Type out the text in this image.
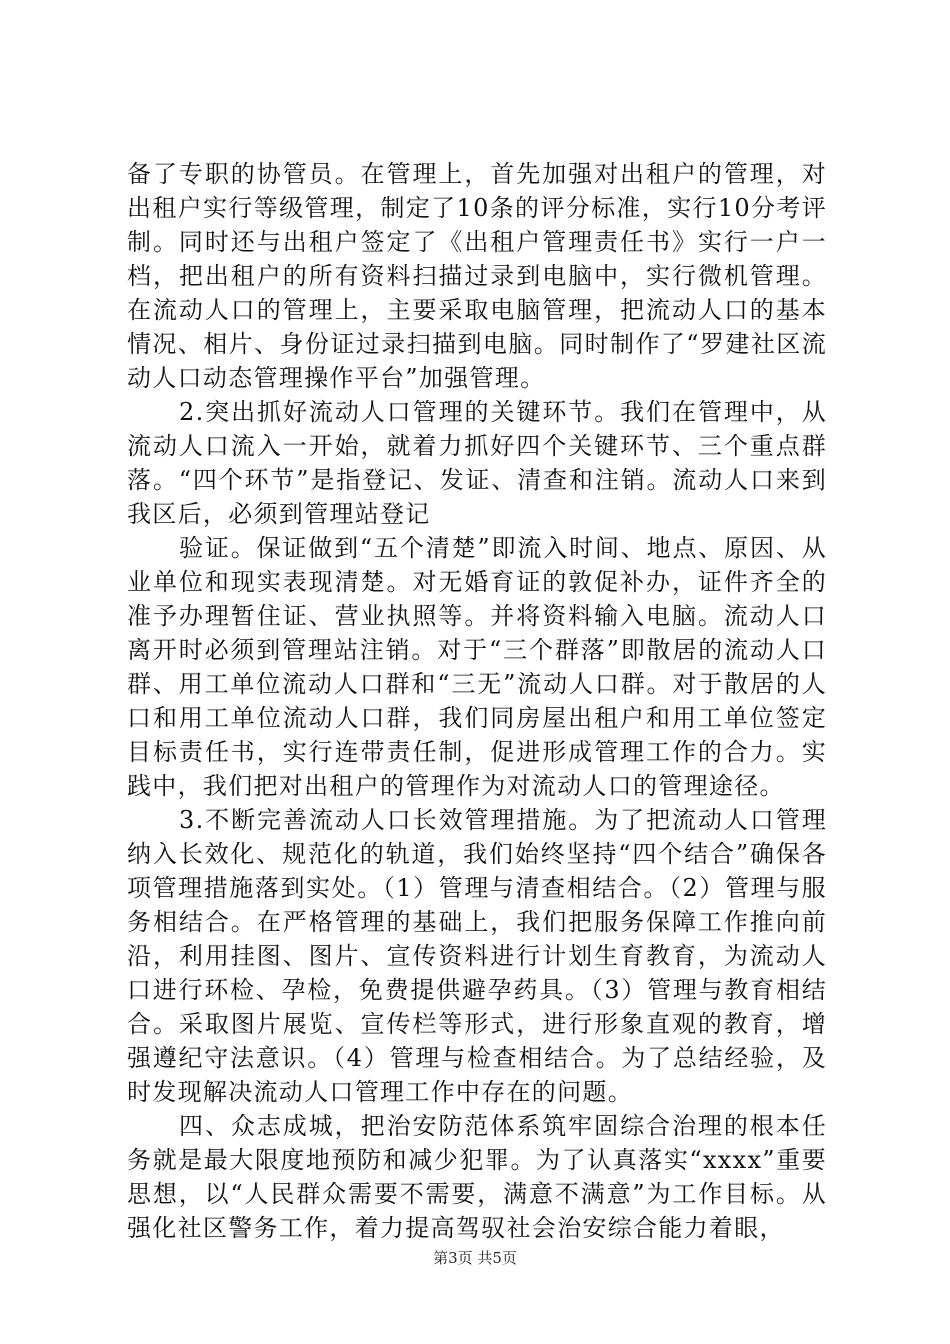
备了专职的协管员。在管理上，首先加强对出租户的管理，对出租户实行等级管理，制定了10条的评分标准，实行10分考评制。同时还与出租户签定了《出租户管理责任书》实行一户一档，把出租户的所有资料扫描过录到电脑中，实行微机管理。在流动人口的管理上，主要采取电脑管理，把流动人口的基本情况、相片、身份证过录扫描到电脑。同时制作了“罗建社区流动人口动态管理操作平台”加强管理。

2.突出抓好流动人口管理的关键环节。我们在管理中，从流动人口流入一开始，就着力抓好四个关键环节、三个重点群落。“四个环节”是指登记、发证、清查和注销。流动人口来到我区后，必须到管理站登记

验证。保证做到“五个清楚”即流入时间、地点、原因、从业单位和现实表现清楚。对无婚育证的敦促补办，证件齐全的准予办理暂住证、营业执照等。并将资料输入电脑。流动人口离开时必须到管理站注销。对于“三个群落”即散居的流动人口群、用工单位流动人口群和“三无”流动人口群。对于散居的人口和用工单位流动人口群，我们同房屋出租户和用工单位签定目标责任书，实行连带责任制，促进形成管理工作的合力。实践中，我们把对出租户的管理作为对流动人口的管理途径。

3.不断完善流动人口长效管理措施。为了把流动人口管理纳入长效化、规范化的轨道，我们始终坚持“四个结合”确保各项管理措施落到实处。（1）管理与清查相结合。（2）管理与服务相结合。在严格管理的基础上，我们把服务保障工作推向前沿，利用挂图、图片、宣传资料进行计划生育教育，为流动人口进行环检、孕检，免费提供避孕药具。（3）管理与教育相结合。采取图片展览、宣传栏等形式，进行形象直观的教育，增强遵纪守法意识。（4）管理与检查相结合。为了总结经验，及时发现解决流动人口管理工作中存在的问题。

四、众志成城，把治安防范体系筑牢固综合治理的根本任务就是最大限度地预防和减少犯罪。为了认真落实“xxxx”重要思想，以“人民群众需要不需要，满意不满意”为工作目标。从强化社区警务工作，着力提高驾驭社会治安综合能力着眼，

第3页 共5页
